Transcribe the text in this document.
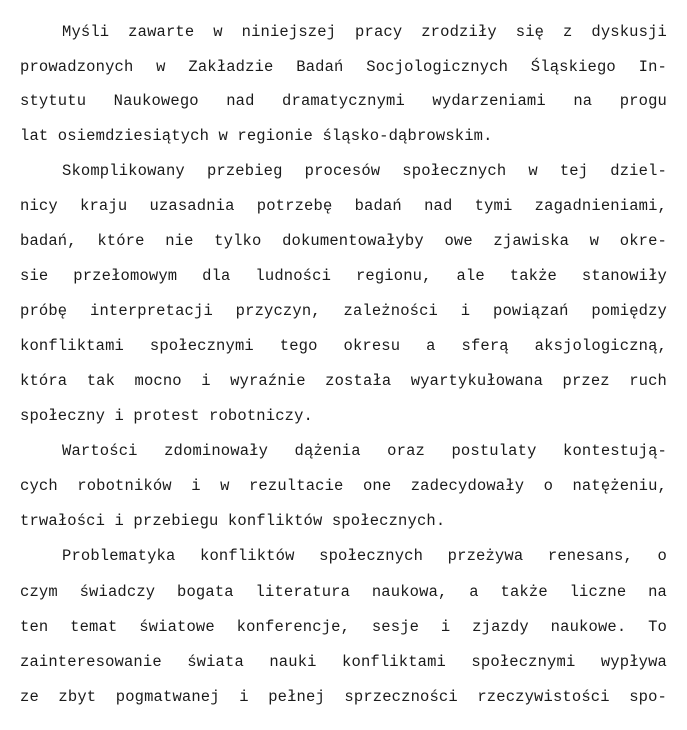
Myśli zawarte w niniejszej pracy zrodziły się z dyskusji
prowadzonych w Zakładzie Badań Socjologicznych Śląskiego In-
stytutu Naukowego nad dramatycznymi wydarzeniami na progu
lat osiemdziesiątych w regionie śląsko-dąbrowskim.
Skomplikowany przebieg procesów społecznych w tej dziel-
nicy kraju uzasadnia potrzebę badań nad tymi zagadnieniami,
badań, które nie tylko dokumentowałyby owe zjawiska w okre-
sie przełomowym dla ludności regionu, ale także stanowiły
próbę interpretacji przyczyn, zależności i powiązań pomiędzy
konfliktami społecznymi tego okresu a sferą aksjologiczną,
która tak mocno i wyraźnie została wyartykułowana przez ruch
społeczny i protest robotniczy.
Wartości zdominowały dążenia oraz postulaty kontestują-
cych robotników i w rezultacie one zadecydowały o natężeniu,
trwałości i przebiegu konfliktów społecznych.
Problematyka konfliktów społecznych przeżywa renesans, o
czym świadczy bogata literatura naukowa, a także liczne na
ten temat światowe konferencje, sesje i zjazdy naukowe. To
zainteresowanie świata nauki konfliktami społecznymi wypływa
ze zbyt pogmatwanej i pełnej sprzeczności rzeczywistości spo-
